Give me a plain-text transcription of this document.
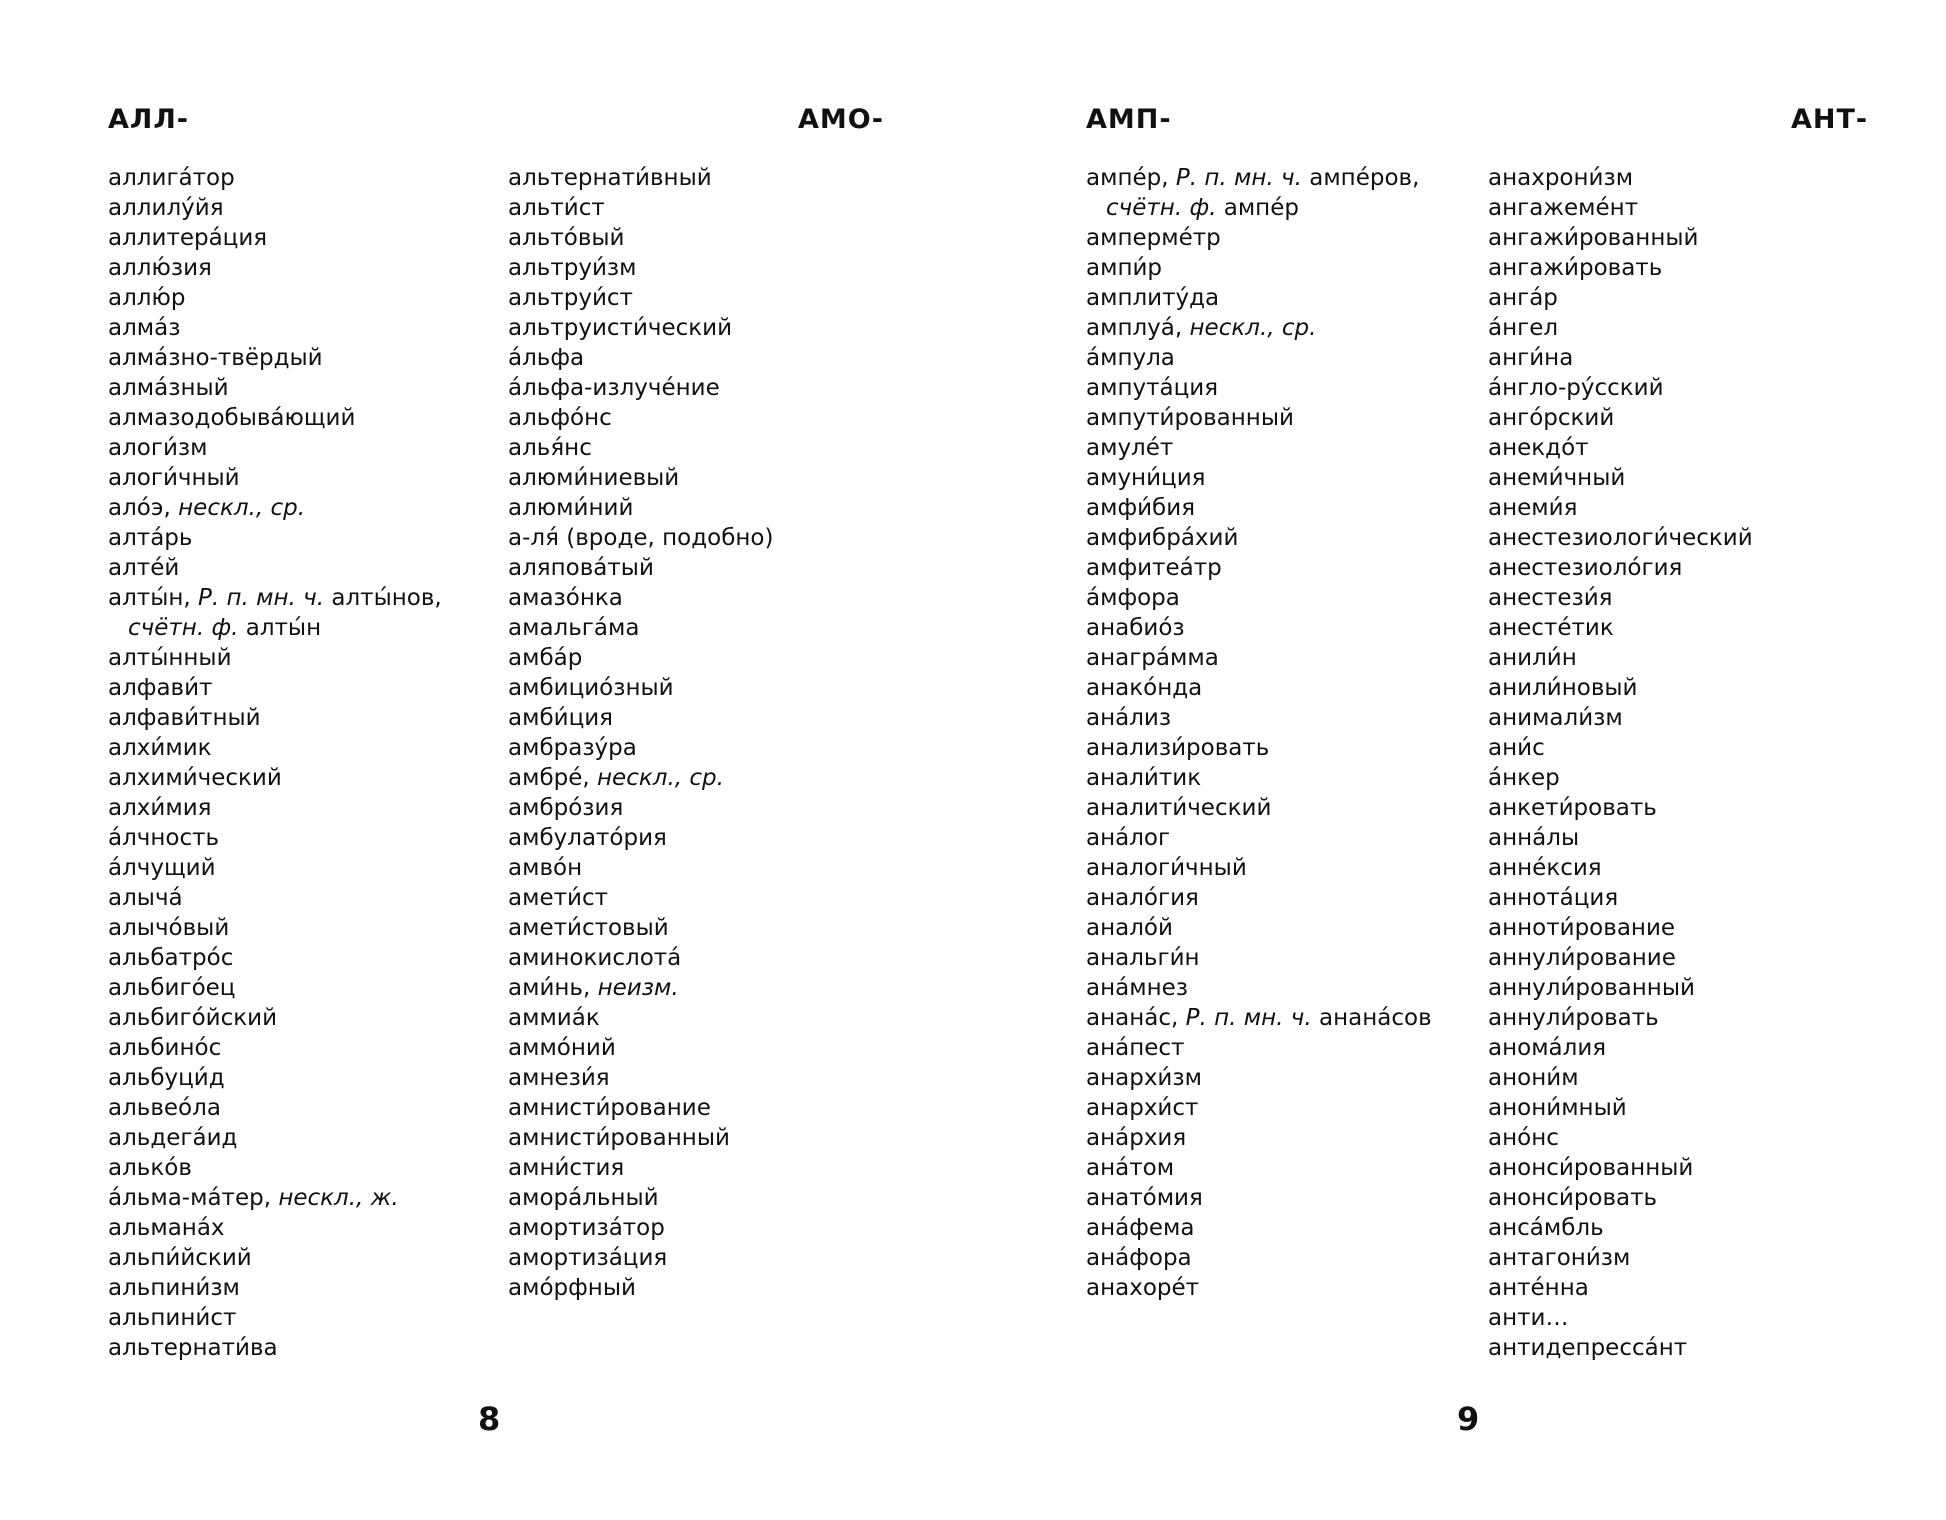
АЛЛ-	АМО-
аллига́тор
аллилу́йя
аллитера́ция
аллю́зия
аллю́р
алма́з
алма́зно-твёрдый
алма́зный
алмазодобыва́ющий
алоги́зм
алоги́чный
ало́э, нескл., ср.
алта́рь
алте́й
алты́н, Р. п. мн. ч. алты́нов,
счётн. ф. алты́н
алты́нный
алфави́т
алфави́тный
алхи́мик
алхими́ческий
алхи́мия
а́лчность
а́лчущий
алыча́
алычо́вый
альбатро́с
альбиго́ец
альбиго́йский
альбино́с
альбуци́д
альвео́ла
альдега́ид
алько́в
а́льма-ма́тер, нескл., ж.
альмана́х
альпи́йский
альпини́зм
альпини́ст
альтернати́ва
альтернати́вный
альти́ст
альто́вый
альтруи́зм
альтруи́ст
альтруисти́ческий
а́льфа
а́льфа-излуче́ние
альфо́нс
алья́нс
алюми́ниевый
алюми́ний
а-ля́ (вроде, подобно)
аляпова́тый
амазо́нка
амальга́ма
амба́р
амбицио́зный
амби́ция
амбразу́ра
амбре́, нескл., ср.
амбро́зия
амбулато́рия
амво́н
амети́ст
амети́стовый
аминокислота́
ами́нь, неизм.
аммиа́к
аммо́ний
амнези́я
амнисти́рование
амнисти́рованный
амни́стия
амора́льный
амортиза́тор
амортиза́ция
амо́рфный
8
АМП-	АНТ-
ампе́р, Р. п. мн. ч. ампе́ров,
счётн. ф. ампе́р
амперме́тр
ампи́р
амплиту́да
амплуа́, нескл., ср.
а́мпула
ампута́ция
ампути́рованный
амуле́т
амуни́ция
амфи́бия
амфибра́хий
амфитеа́тр
а́мфора
анабио́з
анагра́мма
анако́нда
ана́лиз
анализи́ровать
анали́тик
аналити́ческий
ана́лог
аналоги́чный
анало́гия
анало́й
анальги́н
ана́мнез
анана́с, Р. п. мн. ч. анана́сов
ана́пест
анархи́зм
анархи́ст
ана́рхия
ана́том
анато́мия
ана́фема
ана́фора
анахоре́т
анахрони́зм
ангажеме́нт
ангажи́рованный
ангажи́ровать
анга́р
а́нгел
анги́на
а́нгло-ру́сский
анго́рский
анекдо́т
анеми́чный
анеми́я
анестезиологи́ческий
анестезиоло́гия
анестези́я
анесте́тик
анили́н
анили́новый
анимали́зм
ани́с
а́нкер
анкети́ровать
анна́лы
анне́ксия
аннота́ция
анноти́рование
аннули́рование
аннули́рованный
аннули́ровать
анома́лия
анони́м
анони́мный
ано́нс
анонси́рованный
анонси́ровать
анса́мбль
антагони́зм
анте́нна
анти…
антидепресса́нт
9
